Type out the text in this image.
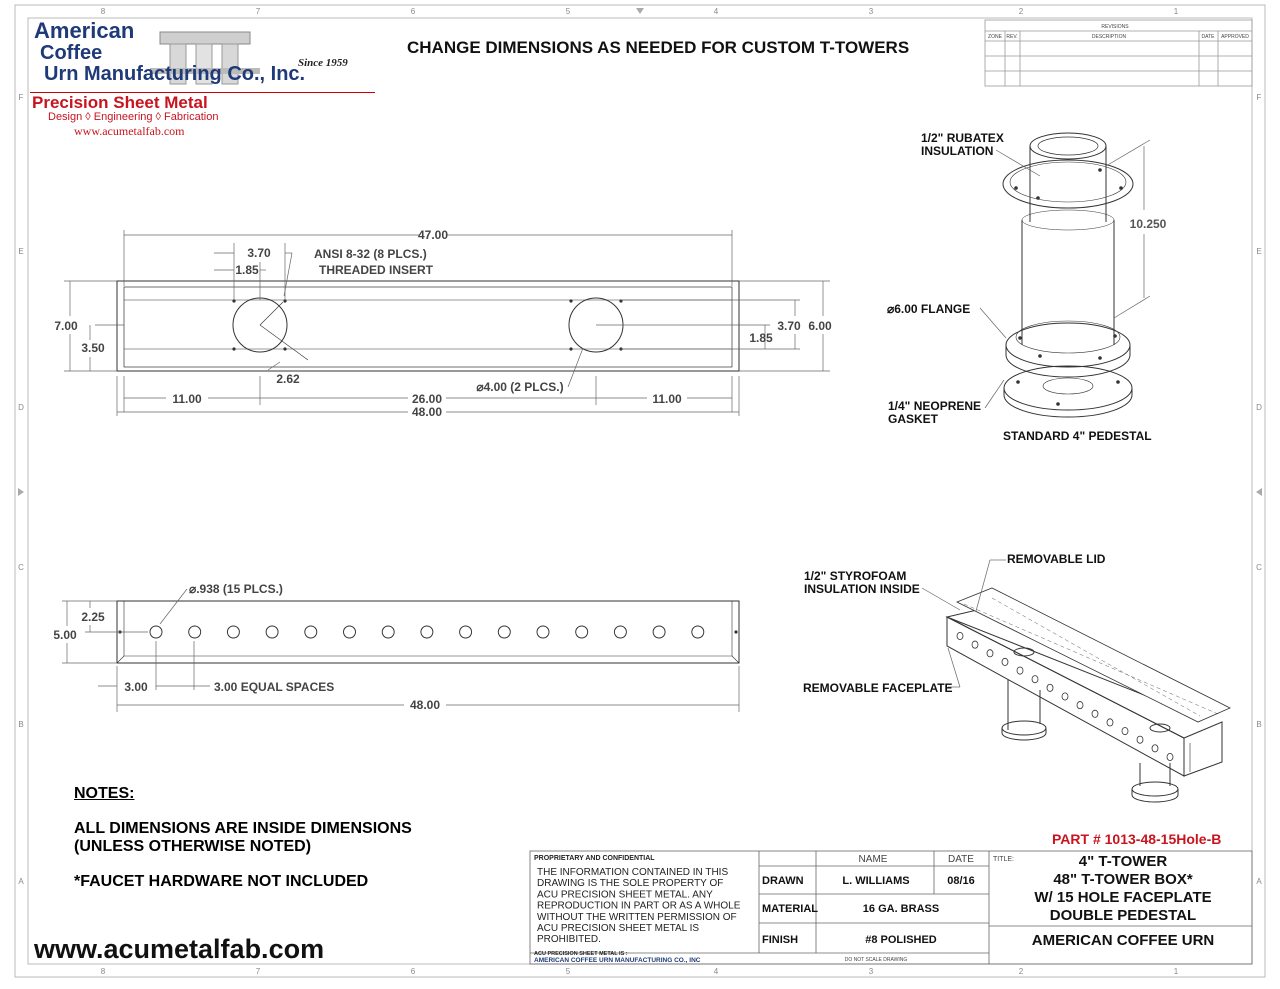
8	7	6	5	4	3	2	1
8	7	6	5	4	3	2	1
F
E
D
C
B
A
F
E
D
C
B
A
REVISIONS
ZONE REV.	DESCRIPTION	DATE APPROVED
47.00
3.70
1.85
ANSI 8-32 (8 PLCS.)
THREADED INSERT
7.00
3.50
3.70 6.00
1.85
2.62
⌀4.00 (2 PLCS.)
11.00	26.00	11.00
48.00
⌀.938 (15 PLCS.)
2.25
5.00
3.00	3.00 EQUAL SPACES
48.00
1/2" RUBATEX
INSULATION
10.250
⌀6.00 FLANGE
1/4" NEOPRENE
GASKET
STANDARD 4" PEDESTAL
REMOVABLE LID
1/2" STYROFOAM
INSULATION INSIDE
REMOVABLE FACEPLATE
PROPRIETARY AND CONFIDENTIAL
THE INFORMATION CONTAINED IN THIS
DRAWING IS THE SOLE PROPERTY OF
ACU PRECISION SHEET METAL. ANY
REPRODUCTION IN PART OR AS A WHOLE
WITHOUT THE WRITTEN PERMISSION OF
ACU PRECISION SHEET METAL IS
PROHIBITED.
ACU PRECISION SHEET METAL IS :
AMERICAN COFFEE URN MANUFACTURING CO., INC
NAME	DATE	TITLE:
DRAWN	L. WILLIAMS	08/16
MATERIAL	16 GA. BRASS
FINISH	#8 POLISHED
DO NOT SCALE DRAWING
4" T-TOWER
48" T-TOWER BOX*
W/ 15 HOLE FACEPLATE
DOUBLE PEDESTAL
AMERICAN COFFEE URN
American
Coffee
Urn Manufacturing Co., Inc.
Since 1959
Precision Sheet Metal
Design ◊ Engineering ◊ Fabrication
www.acumetalfab.com
CHANGE DIMENSIONS AS NEEDED FOR CUSTOM T-TOWERS
NOTES:
ALL DIMENSIONS ARE INSIDE DIMENSIONS
(UNLESS OTHERWISE NOTED)
*FAUCET HARDWARE NOT INCLUDED
www.acumetalfab.com
PART # 1013-48-15Hole-B
